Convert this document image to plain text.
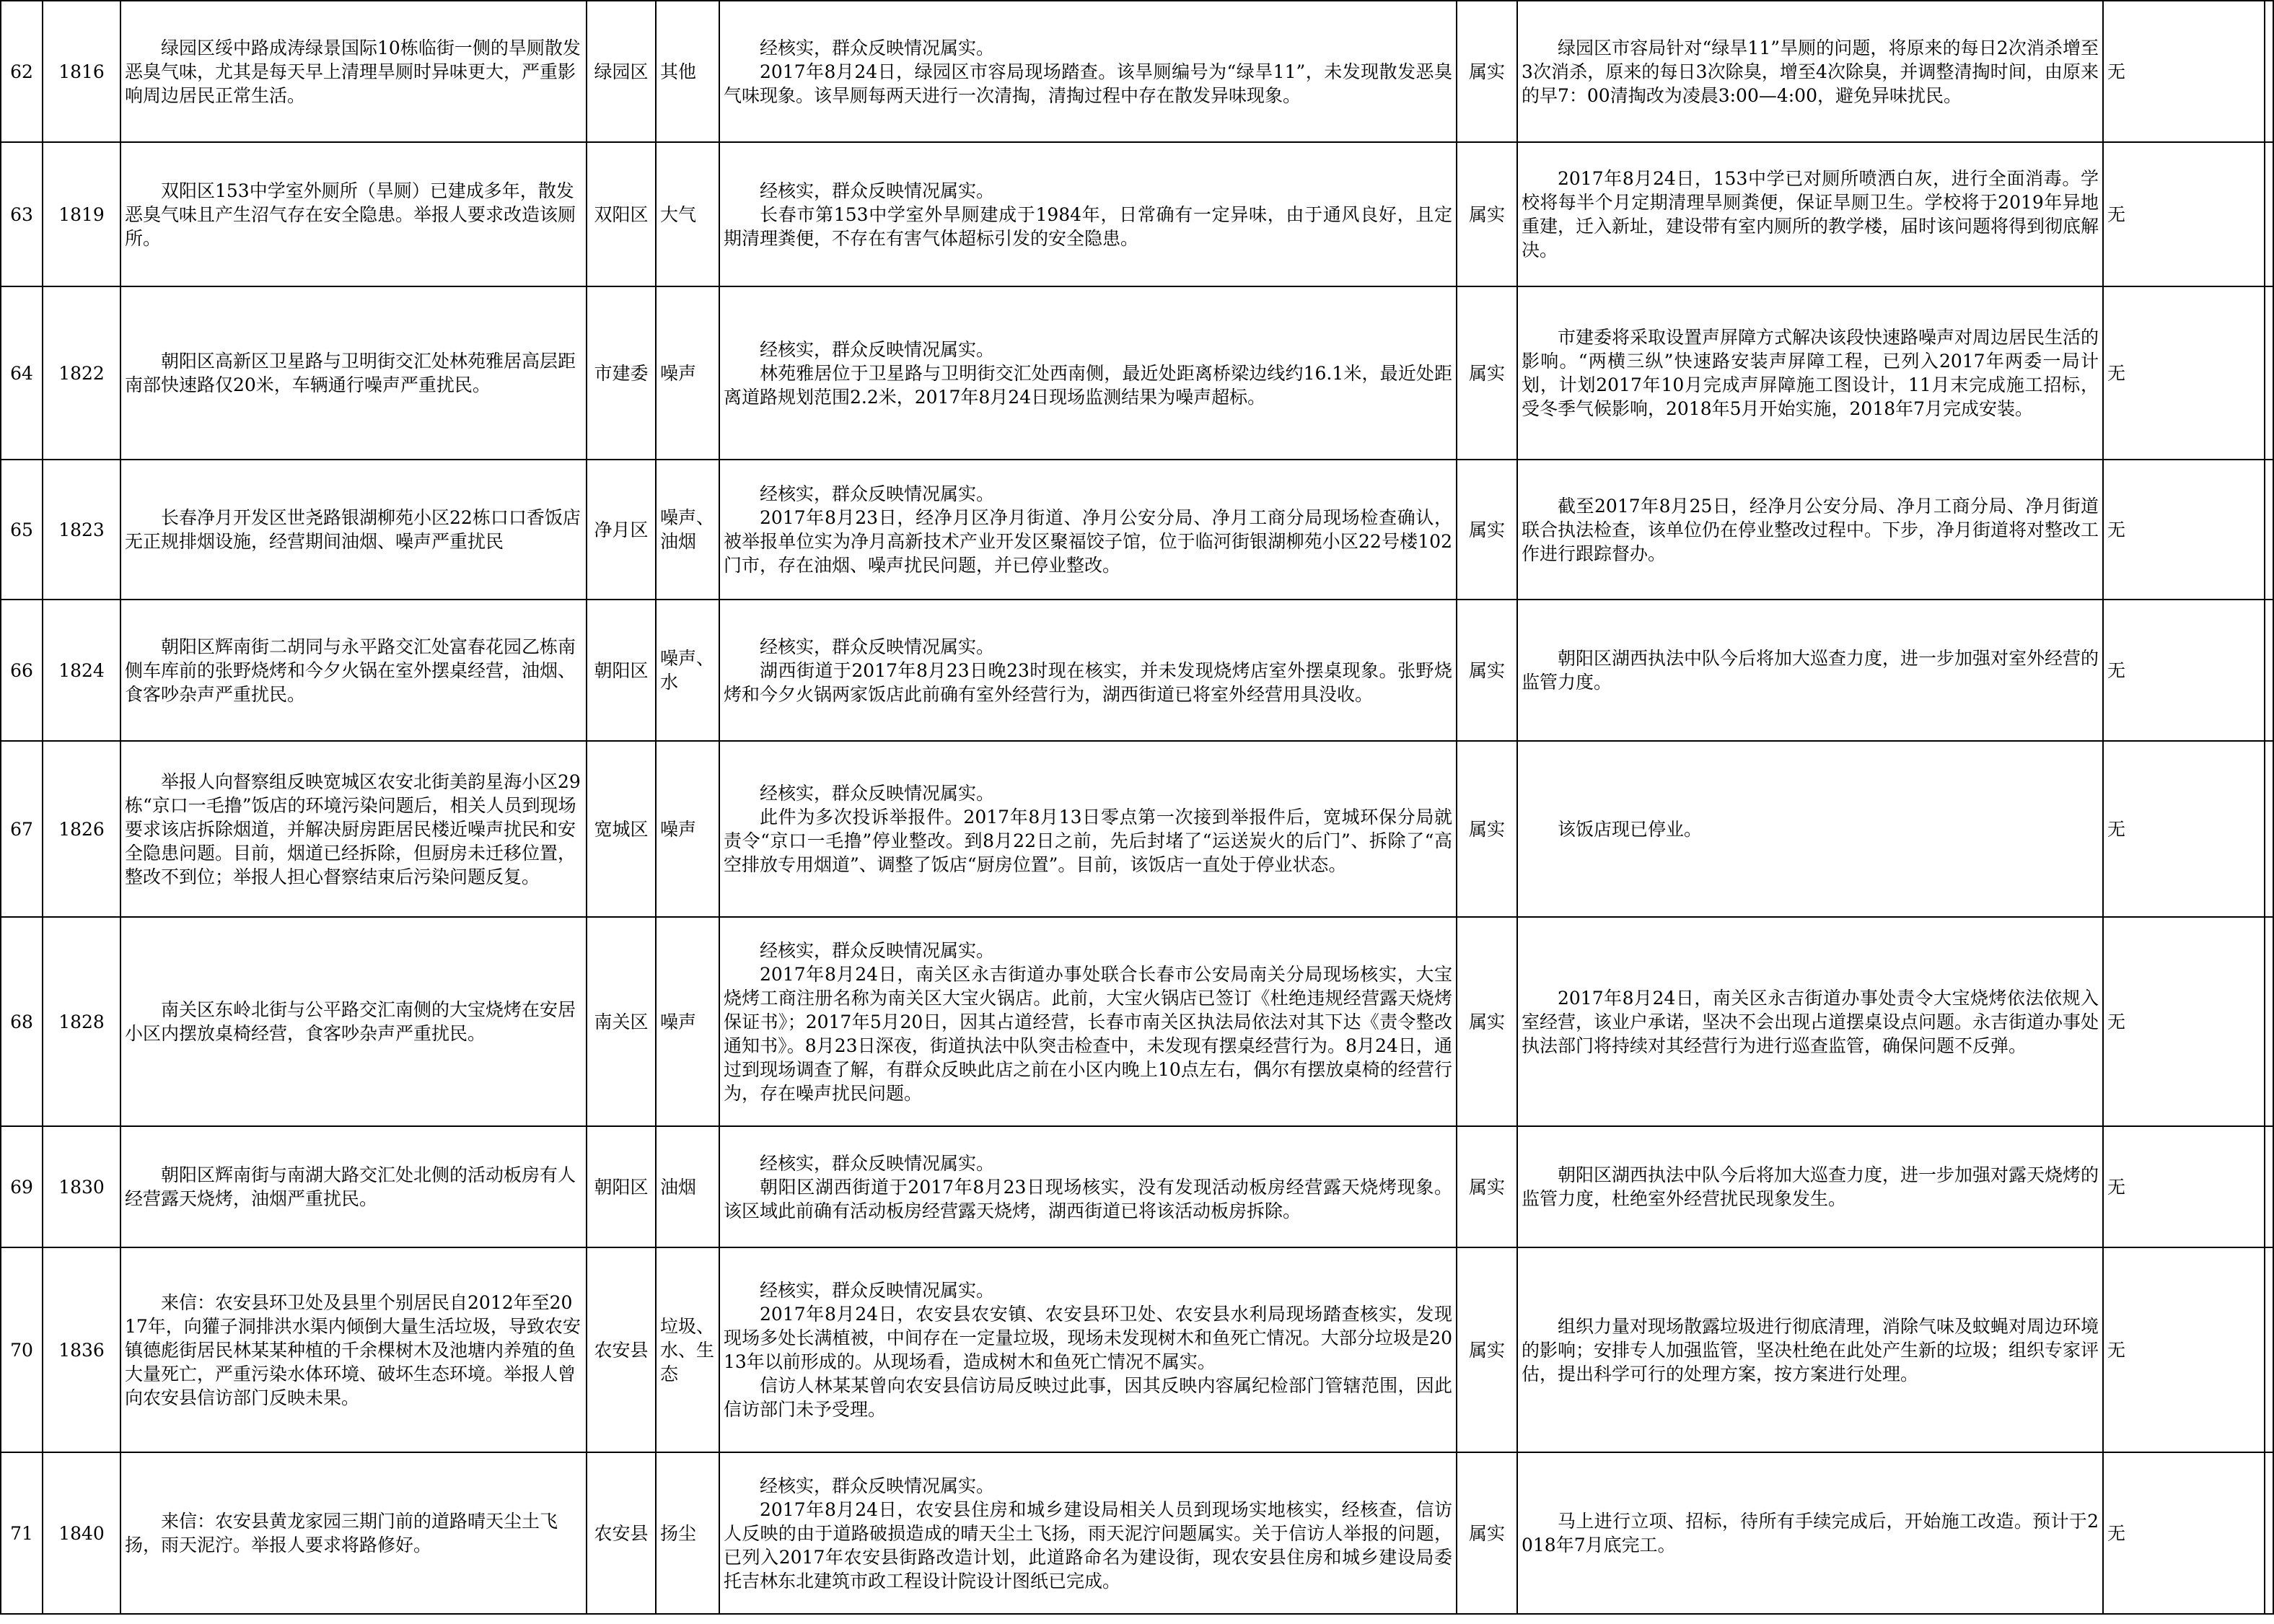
62	1816	绿园区绥中路成涛绿景国际10栋临街一侧的旱厕散发恶臭气味，尤其是每天早上清理旱厕时异味更大，严重影响周边居民正常生活。	绿园区	其他	经核实，群众反映情况属实。
2017年8月24日，绿园区市容局现场踏查。该旱厕编号为“绿旱11”，未发现散发恶臭气味现象。该旱厕每两天进行一次清掏，清掏过程中存在散发异味现象。	属实	绿园区市容局针对“绿旱11”旱厕的问题，将原来的每日2次消杀增至3次消杀，原来的每日3次除臭，增至4次除臭，并调整清掏时间，由原来的早7：00清掏改为凌晨3:00—4:00，避免异味扰民。	无	
63	1819	双阳区153中学室外厕所（旱厕）已建成多年，散发恶臭气味且产生沼气存在安全隐患。举报人要求改造该厕所。	双阳区	大气	经核实，群众反映情况属实。
长春市第153中学室外旱厕建成于1984年，日常确有一定异味，由于通风良好，且定期清理粪便，不存在有害气体超标引发的安全隐患。	属实	2017年8月24日，153中学已对厕所喷洒白灰，进行全面消毒。学校将每半个月定期清理旱厕粪便，保证旱厕卫生。学校将于2019年异地重建，迁入新址，建设带有室内厕所的教学楼，届时该问题将得到彻底解决。	无	
64	1822	朝阳区高新区卫星路与卫明街交汇处林苑雅居高层距南部快速路仅20米，车辆通行噪声严重扰民。	市建委	噪声	经核实，群众反映情况属实。
林苑雅居位于卫星路与卫明街交汇处西南侧，最近处距离桥梁边线约16.1米，最近处距离道路规划范围2.2米，2017年8月24日现场监测结果为噪声超标。	属实	市建委将采取设置声屏障方式解决该段快速路噪声对周边居民生活的影响。“两横三纵”快速路安装声屏障工程，已列入2017年两委一局计划，计划2017年10月完成声屏障施工图设计，11月末完成施工招标，受冬季气候影响，2018年5月开始实施，2018年7月完成安装。	无	
65	1823	长春净月开发区世尧路银湖柳苑小区22栋口口香饭店无正规排烟设施，经营期间油烟、噪声严重扰民	净月区	噪声、油烟	经核实，群众反映情况属实。
2017年8月23日，经净月区净月街道、净月公安分局、净月工商分局现场检查确认，被举报单位实为净月高新技术产业开发区聚福饺子馆，位于临河街银湖柳苑小区22号楼102门市，存在油烟、噪声扰民问题，并已停业整改。	属实	截至2017年8月25日，经净月公安分局、净月工商分局、净月街道联合执法检查，该单位仍在停业整改过程中。下步，净月街道将对整改工作进行跟踪督办。	无	
66	1824	朝阳区辉南街二胡同与永平路交汇处富春花园乙栋南侧车库前的张野烧烤和今夕火锅在室外摆桌经营，油烟、食客吵杂声严重扰民。	朝阳区	噪声、水	经核实，群众反映情况属实。
湖西街道于2017年8月23日晚23时现在核实，并未发现烧烤店室外摆桌现象。张野烧烤和今夕火锅两家饭店此前确有室外经营行为，湖西街道已将室外经营用具没收。	属实	朝阳区湖西执法中队今后将加大巡查力度，进一步加强对室外经营的监管力度。	无	
67	1826	举报人向督察组反映宽城区农安北街美韵星海小区29栋“京口一毛撸”饭店的环境污染问题后，相关人员到现场要求该店拆除烟道，并解决厨房距居民楼近噪声扰民和安全隐患问题。目前，烟道已经拆除，但厨房未迁移位置，整改不到位；举报人担心督察结束后污染问题反复。	宽城区	噪声	经核实，群众反映情况属实。
此件为多次投诉举报件。2017年8月13日零点第一次接到举报件后，宽城环保分局就责令“京口一毛撸”停业整改。到8月22日之前，先后封堵了“运送炭火的后门”、拆除了“高空排放专用烟道”、调整了饭店“厨房位置”。目前，该饭店一直处于停业状态。	属实	该饭店现已停业。	无	
68	1828	南关区东岭北街与公平路交汇南侧的大宝烧烤在安居小区内摆放桌椅经营，食客吵杂声严重扰民。	南关区	噪声	经核实，群众反映情况属实。
2017年8月24日，南关区永吉街道办事处联合长春市公安局南关分局现场核实，大宝烧烤工商注册名称为南关区大宝火锅店。此前，大宝火锅店已签订《杜绝违规经营露天烧烤保证书》；2017年5月20日，因其占道经营，长春市南关区执法局依法对其下达《责令整改通知书》。8月23日深夜，街道执法中队突击检查中，未发现有摆桌经营行为。8月24日，通过到现场调查了解，有群众反映此店之前在小区内晚上10点左右，偶尔有摆放桌椅的经营行为，存在噪声扰民问题。	属实	2017年8月24日，南关区永吉街道办事处责令大宝烧烤依法依规入室经营，该业户承诺，坚决不会出现占道摆桌设点问题。永吉街道办事处执法部门将持续对其经营行为进行巡查监管，确保问题不反弹。	无	
69	1830	朝阳区辉南街与南湖大路交汇处北侧的活动板房有人经营露天烧烤，油烟严重扰民。	朝阳区	油烟	经核实，群众反映情况属实。
朝阳区湖西街道于2017年8月23日现场核实，没有发现活动板房经营露天烧烤现象。该区域此前确有活动板房经营露天烧烤，湖西街道已将该活动板房拆除。	属实	朝阳区湖西执法中队今后将加大巡查力度，进一步加强对露天烧烤的监管力度，杜绝室外经营扰民现象发生。	无	
70	1836	来信：农安县环卫处及县里个别居民自2012年至2017年，向獾子洞排洪水渠内倾倒大量生活垃圾，导致农安镇德彪街居民林某某种植的千余棵树木及池塘内养殖的鱼大量死亡，严重污染水体环境、破坏生态环境。举报人曾向农安县信访部门反映未果。	农安县	垃圾、水、生态	经核实，群众反映情况属实。
2017年8月24日，农安县农安镇、农安县环卫处、农安县水利局现场踏查核实，发现现场多处长满植被，中间存在一定量垃圾，现场未发现树木和鱼死亡情况。大部分垃圾是2013年以前形成的。从现场看，造成树木和鱼死亡情况不属实。
信访人林某某曾向农安县信访局反映过此事，因其反映内容属纪检部门管辖范围，因此信访部门未予受理。	属实	组织力量对现场散露垃圾进行彻底清理，消除气味及蚊蝇对周边环境的影响；安排专人加强监管，坚决杜绝在此处产生新的垃圾；组织专家评估，提出科学可行的处理方案，按方案进行处理。	无	
71	1840	来信：农安县黄龙家园三期门前的道路晴天尘土飞扬，雨天泥泞。举报人要求将路修好。	农安县	扬尘	经核实，群众反映情况属实。
2017年8月24日，农安县住房和城乡建设局相关人员到现场实地核实，经核查，信访人反映的由于道路破损造成的晴天尘土飞扬，雨天泥泞问题属实。关于信访人举报的问题，已列入2017年农安县街路改造计划，此道路命名为建设街，现农安县住房和城乡建设局委托吉林东北建筑市政工程设计院设计图纸已完成。	属实	马上进行立项、招标，待所有手续完成后，开始施工改造。预计于2018年7月底完工。	无	
